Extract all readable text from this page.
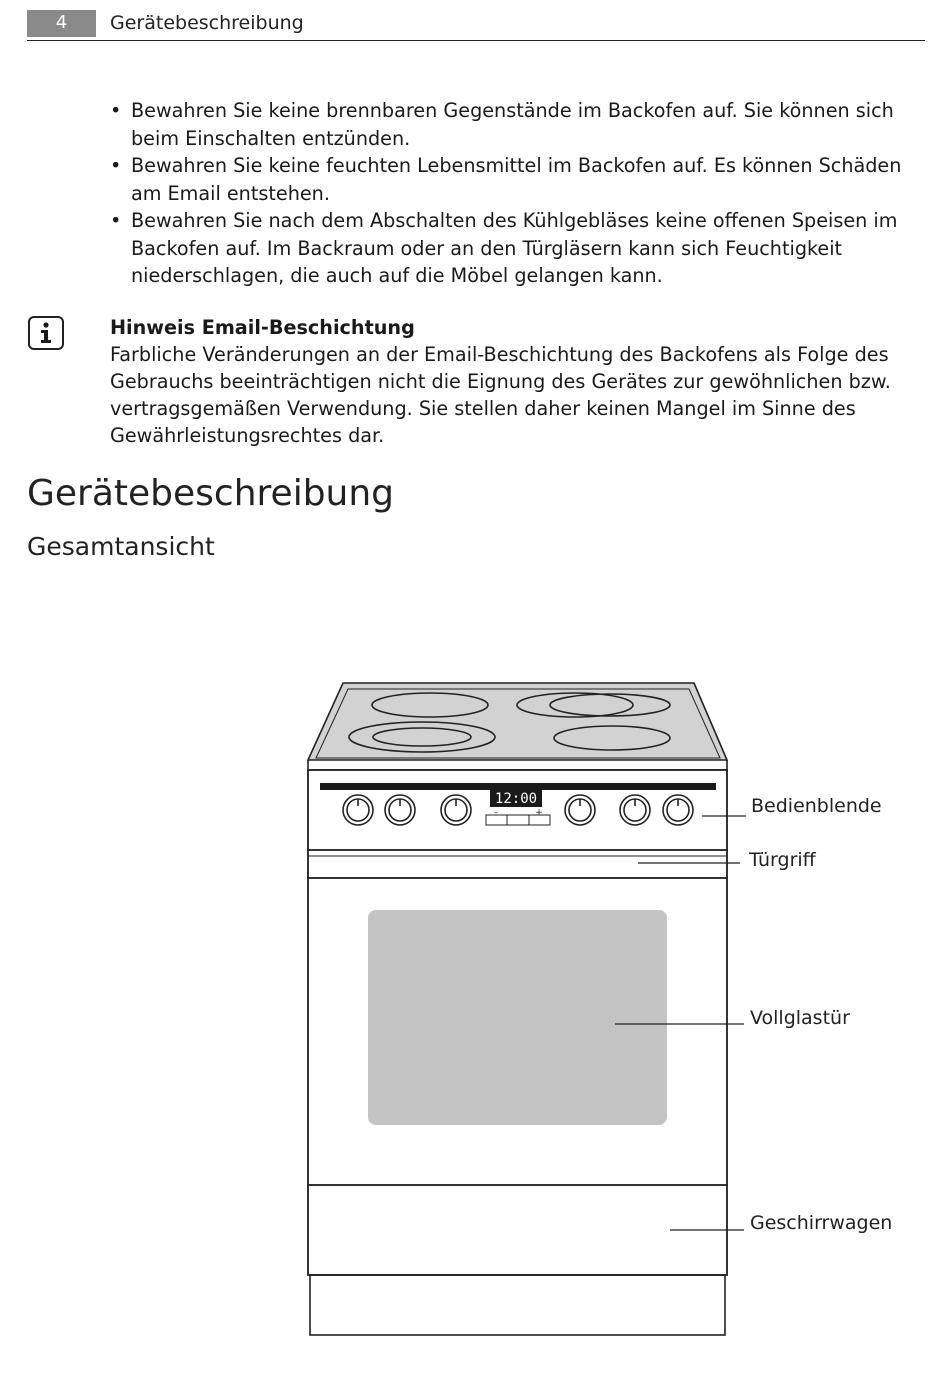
4	Gerätebeschreibung
• Bewahren Sie keine brennbaren Gegenstände im Backofen auf. Sie können sich beim Einschalten entzünden.
• Bewahren Sie keine feuchten Lebensmittel im Backofen auf. Es können Schäden am Email entstehen.
• Bewahren Sie nach dem Abschalten des Kühlgebläses keine offenen Speisen im Backofen auf. Im Backraum oder an den Türgläsern kann sich Feuchtigkeit niederschlagen, die auch auf die Möbel gelangen kann.
Hinweis Email-Beschichtung
Farbliche Veränderungen an der Email-Beschichtung des Backofens als Folge des Gebrauchs beeinträchtigen nicht die Eignung des Gerätes zur gewöhnlichen bzw. vertragsgemäßen Verwendung. Sie stellen daher keinen Mangel im Sinne des Gewährleistungsrechtes dar.
Gerätebeschreibung
Gesamtansicht
12:00
–	+	Bedienblende
Türgriff
Vollglastür
Geschirrwagen
